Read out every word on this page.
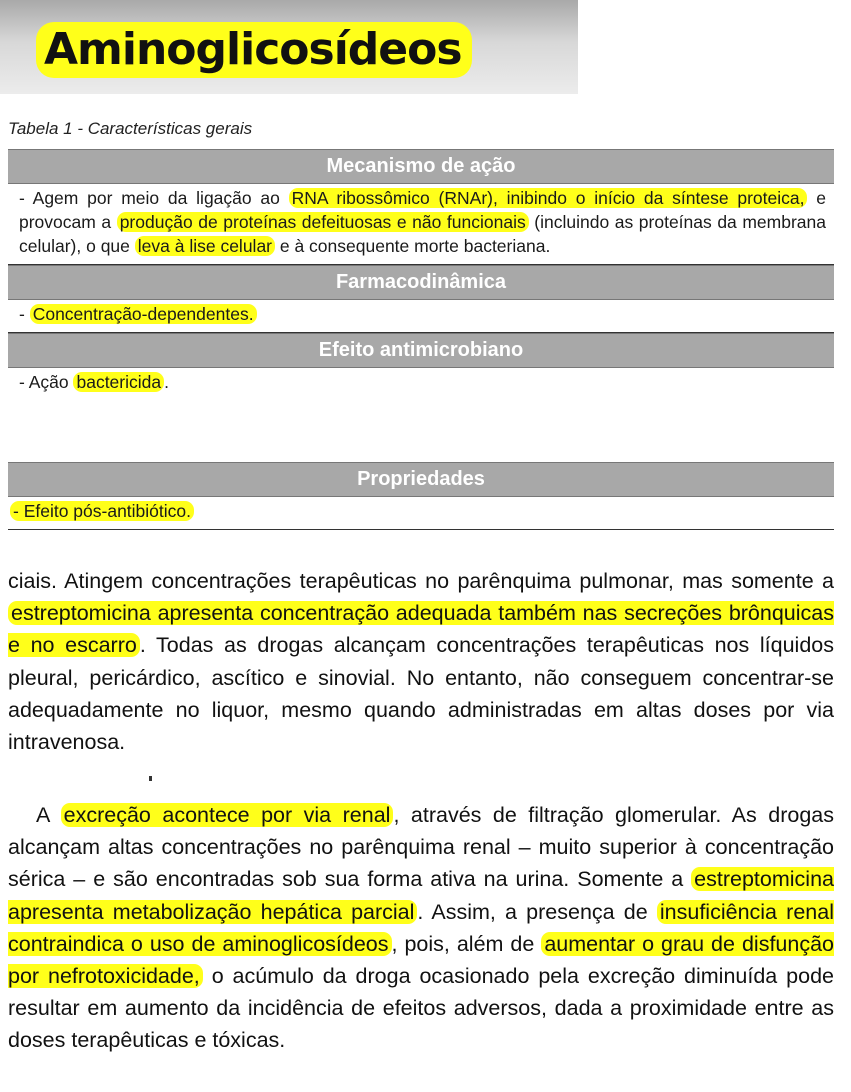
Aminoglicosídeos
Tabela 1 - Características gerais
Mecanismo de ação
- Agem por meio da ligação ao RNA ribossômico (RNAr), inibindo o início da síntese proteica, e provocam a produção de proteínas defeituosas e não funcionais (incluindo as proteínas da membrana celular), o que leva à lise celular e à consequente morte bacteriana.
Farmacodinâmica
- Concentração-dependentes.
Efeito antimicrobiano
- Ação bactericida .
Propriedades
- Efeito pós-antibiótico.
ciais. Atingem concentrações terapêuticas no parênquima pulmonar, mas somente a estreptomicina apresenta concentração adequada também nas secreções brônquicas e no escarro . Todas as drogas alcançam concentrações terapêuticas nos líquidos pleural, pericárdico, ascítico e sinovial. No entanto, não conseguem concentrar-se adequadamente no liquor, mesmo quando administradas em altas doses por via intravenosa.
A excreção acontece por via renal , através de filtração glomerular. As drogas alcançam altas concentrações no parênquima renal – muito superior à concentração sérica – e são encontradas sob sua forma ativa na urina. Somente a estreptomicina apresenta metabolização hepática parcial . Assim, a presença de insuficiência renal contraindica o uso de aminoglicosídeos , pois, além de aumentar o grau de disfunção por nefrotoxicidade, o acúmulo da droga ocasionado pela excreção diminuída pode resultar em aumento da incidência de efeitos adversos, dada a proximidade entre as doses terapêuticas e tóxicas.
